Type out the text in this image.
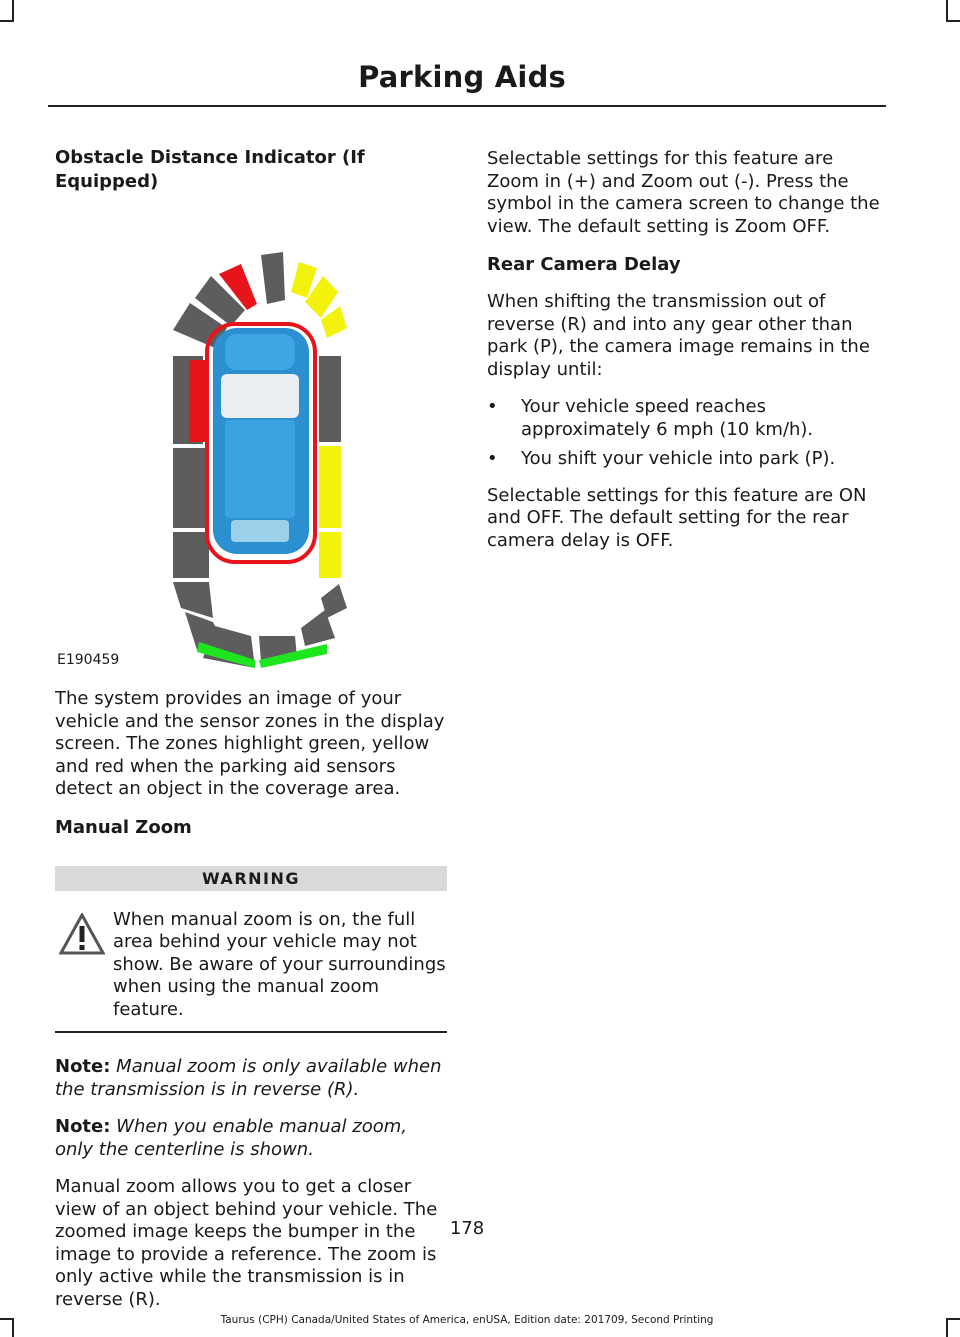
Parking Aids
Obstacle Distance Indicator (If Equipped)
E190459

The system provides an image of your vehicle and the sensor zones in the display screen. The zones highlight green, yellow and red when the parking aid sensors detect an object in the coverage area.

Manual Zoom
WARNING
When manual zoom is on, the full area behind your vehicle may not show. Be aware of your surroundings when using the manual zoom feature.

Note: Manual zoom is only available when the transmission is in reverse (R).

Note: When you enable manual zoom, only the centerline is shown.

Manual zoom allows you to get a closer view of an object behind your vehicle. The zoomed image keeps the bumper in the image to provide a reference. The zoom is only active while the transmission is in reverse (R).

Selectable settings for this feature are Zoom in (+) and Zoom out (-). Press the symbol in the camera screen to change the view. The default setting is Zoom OFF.

Rear Camera Delay

When shifting the transmission out of reverse (R) and into any gear other than park (P), the camera image remains in the display until:

• Your vehicle speed reaches approximately 6 mph (10 km/h).
• You shift your vehicle into park (P).

Selectable settings for this feature are ON and OFF. The default setting for the rear camera delay is OFF.

178
Taurus (CPH) Canada/United States of America, enUSA, Edition date: 201709, Second Printing
